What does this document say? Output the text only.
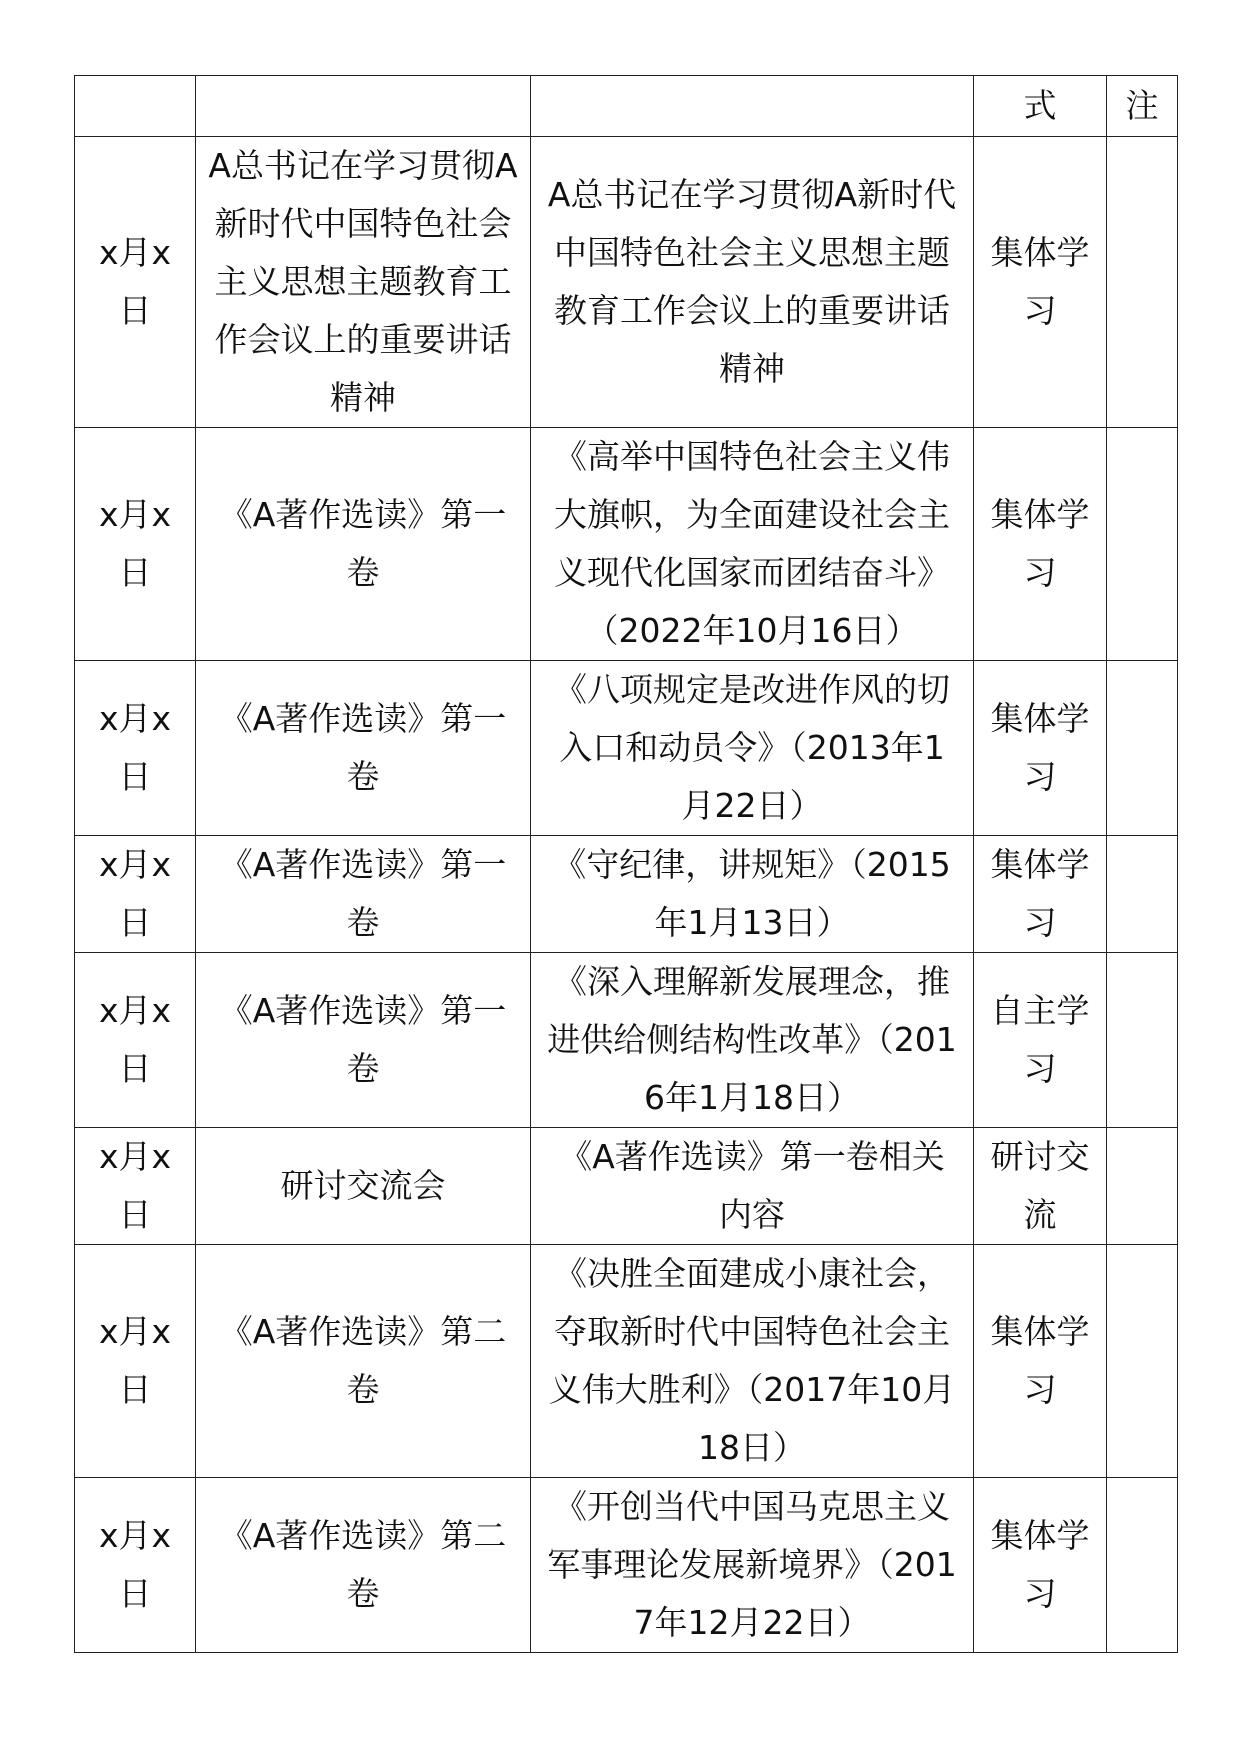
			式	注
x月x日	A总书记在学习贯彻A新时代中国特色社会主义思想主题教育工作会议上的重要讲话精神	A总书记在学习贯彻A新时代中国特色社会主义思想主题教育工作会议上的重要讲话精神	集体学习	
x月x日	《A著作选读》第一卷	《高举中国特色社会主义伟大旗帜，为全面建设社会主义现代化国家而团结奋斗》（2022年10月16日）	集体学习	
x月x日	《A著作选读》第一卷	《八项规定是改进作风的切入口和动员令》（2013年1月22日）	集体学习	
x月x日	《A著作选读》第一卷	《守纪律，讲规矩》（2015年1月13日）	集体学习	
x月x日	《A著作选读》第一卷	《深入理解新发展理念，推进供给侧结构性改革》（2016年1月18日）	自主学习	
x月x日	研讨交流会	《A著作选读》第一卷相关内容	研讨交流	
x月x日	《A著作选读》第二卷	《决胜全面建成小康社会，夺取新时代中国特色社会主义伟大胜利》（2017年10月18日）	集体学习	
x月x日	《A著作选读》第二卷	《开创当代中国马克思主义军事理论发展新境界》（2017年12月22日）	集体学习	
